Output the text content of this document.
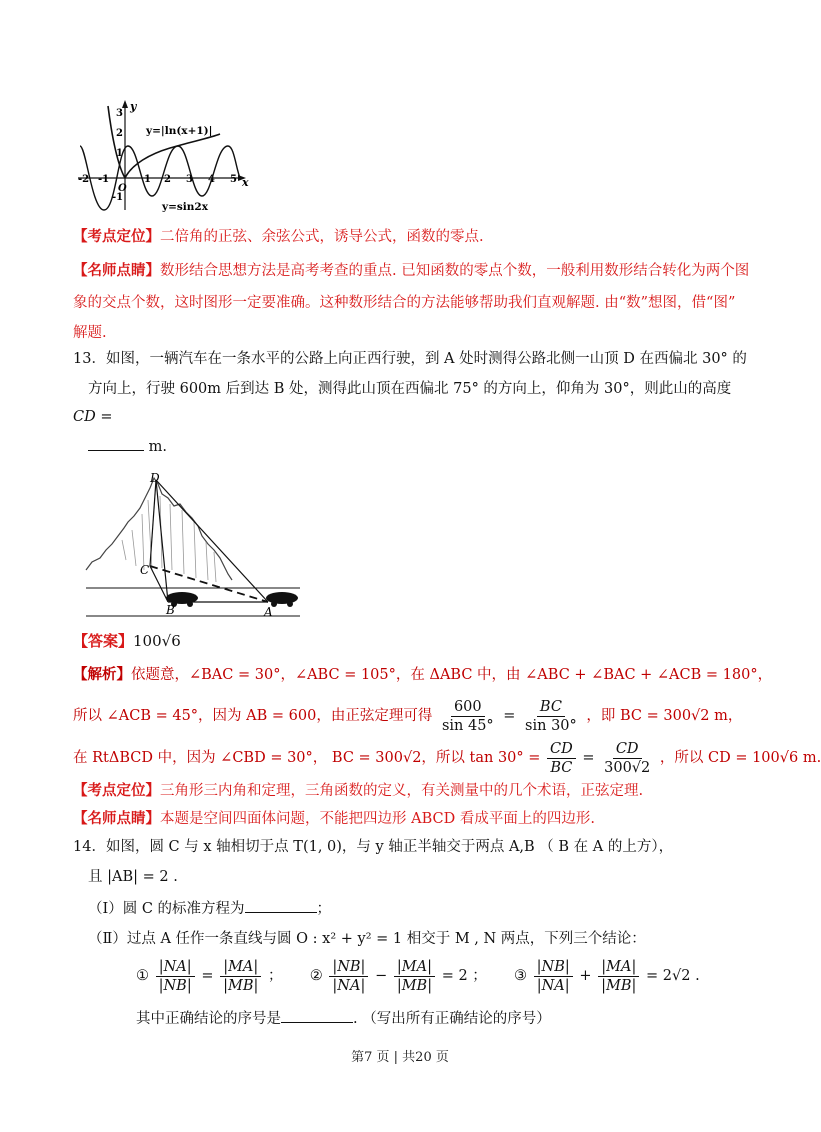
y
x
3
2
1
-1
-2 -1
O
1 2 3 4 5
y=|ln(x+1)|
y=sin2x
【考点定位】二倍角的正弦、余弦公式，诱导公式，函数的零点.
【名师点睛】数形结合思想方法是高考考查的重点. 已知函数的零点个数，一般利用数形结合转化为两个图
象的交点个数，这时图形一定要准确。这种数形结合的方法能够帮助我们直观解题. 由“数”想图，借“图”
解题.
13．如图，一辆汽车在一条水平的公路上向正西行驶，到 A 处时测得公路北侧一山顶 D 在西偏北 30° 的
方向上，行驶 600m 后到达 B 处，测得此山顶在西偏北 75° 的方向上，仰角为 30°，则此山的高度
CD =
m.
D
C
B	A
【答案】100√6
【解析】依题意，∠BAC = 30°，∠ABC = 105°，在 ΔABC 中，由 ∠ABC + ∠BAC + ∠ACB = 180°，
所以 ∠ACB = 45°，因为 AB = 600，由正弦定理可得 $\frac{600}{\sin 45^\circ} = \frac{BC}{\sin 30^\circ}$ ，即 BC = 300√2 m，
在 RtΔBCD 中，因为 ∠CBD = 30°， BC = 300√2，所以 $\tan 30^\circ = \frac{CD}{BC} = \frac{CD}{300√2}$ ，所以 CD = 100√6 m.
【考点定位】三角形三内角和定理，三角函数的定义，有关测量中的几个术语，正弦定理.
【名师点睛】本题是空间四面体问题，不能把四边形 ABCD 看成平面上的四边形.
14．如图，圆 C 与 x 轴相切于点 T(1, 0)，与 y 轴正半轴交于两点 A,B （ B 在 A 的上方），
且 |AB| = 2 .
（Ⅰ）圆 C 的标准方程为	；
（Ⅱ）过点 A 任作一条直线与圆 O : x² + y² = 1 相交于 M , N 两点，下列三个结论：
① $\frac{|NA|}{|NB|} = \frac{|MA|}{|MB|}$ ； ② $\frac{|NB|}{|NA|} - \frac{|MA|}{|MB|} = 2$ ； ③ $\frac{|NB|}{|NA|} + \frac{|MA|}{|MB|} = 2√2$ .
其中正确结论的序号是	. （写出所有正确结论的序号）
第7 页 | 共20 页
